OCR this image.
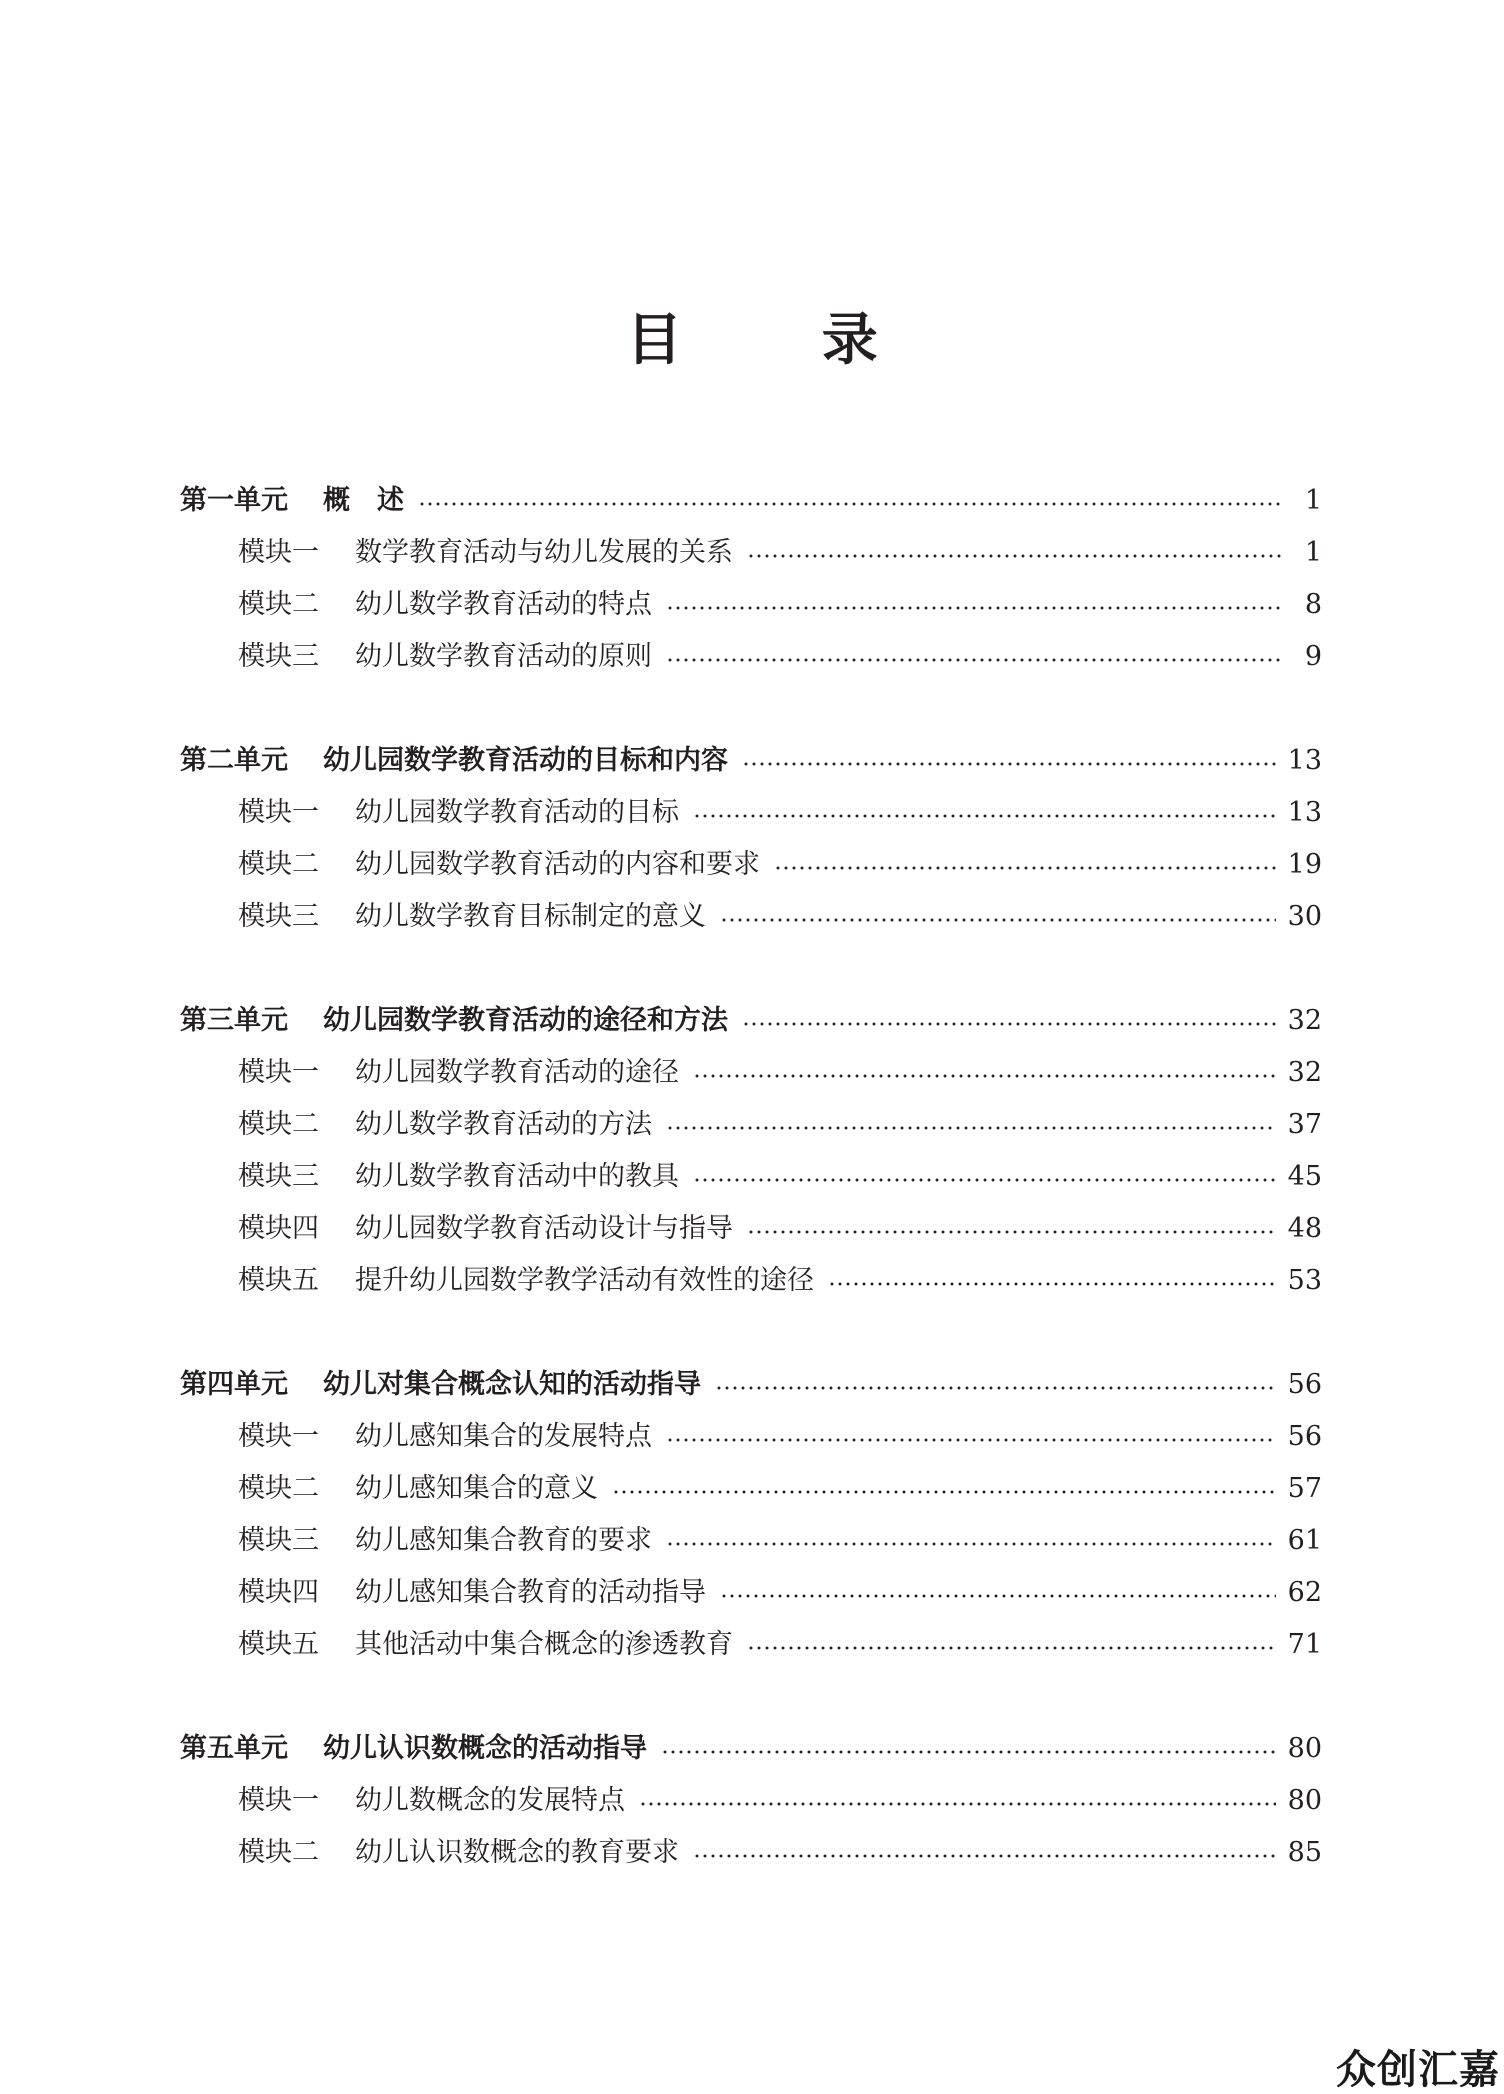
目 录
第一单元	概　述	1
模块一	数学教育活动与幼儿发展的关系	1
模块二	幼儿数学教育活动的特点	8
模块三	幼儿数学教育活动的原则	9
第二单元	幼儿园数学教育活动的目标和内容	13
模块一	幼儿园数学教育活动的目标	13
模块二	幼儿园数学教育活动的内容和要求	19
模块三	幼儿数学教育目标制定的意义	30
第三单元	幼儿园数学教育活动的途径和方法	32
模块一	幼儿园数学教育活动的途径	32
模块二	幼儿数学教育活动的方法	37
模块三	幼儿数学教育活动中的教具	45
模块四	幼儿园数学教育活动设计与指导	48
模块五	提升幼儿园数学教学活动有效性的途径	53
第四单元	幼儿对集合概念认知的活动指导	56
模块一	幼儿感知集合的发展特点	56
模块二	幼儿感知集合的意义	57
模块三	幼儿感知集合教育的要求	61
模块四	幼儿感知集合教育的活动指导	62
模块五	其他活动中集合概念的渗透教育	71
第五单元	幼儿认识数概念的活动指导	80
模块一	幼儿数概念的发展特点	80
模块二	幼儿认识数概念的教育要求	85
众创汇嘉
